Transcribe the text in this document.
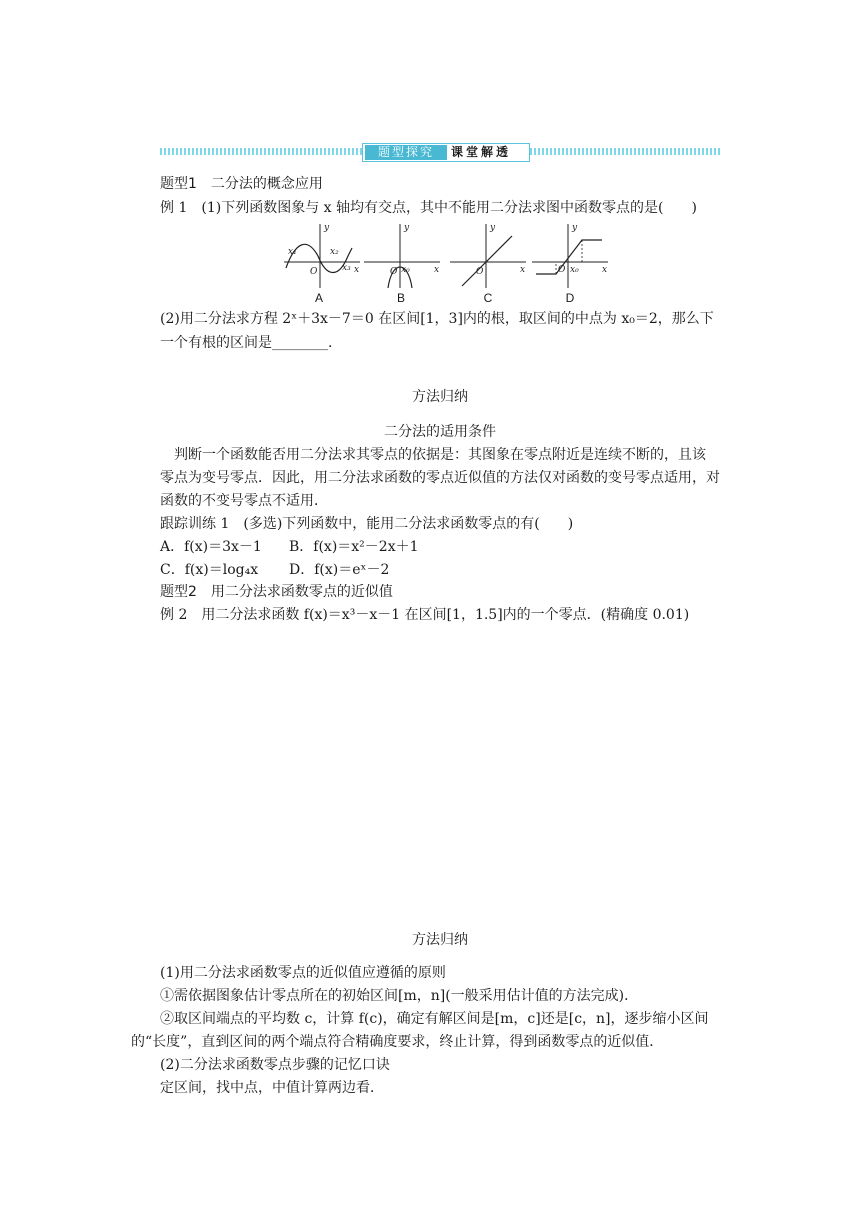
题型探究	课堂解透
题型1　二分法的概念应用
例 1　(1)下列函数图象与 x 轴均有交点，其中不能用二分法求图中函数零点的是(　　)
x₁	x₂
x₃
O
y
x	x₀
O
y
x	O
y
x	x₀
O
y
x
A	B	C	D
(2)用二分法求方程 2ˣ＋3x－7＝0 在区间[1，3]内的根，取区间的中点为 x₀＝2，那么下
一个有根的区间是________.
方法归纳
二分法的适用条件
判断一个函数能否用二分法求其零点的依据是：其图象在零点附近是连续不断的，且该
零点为变号零点．因此，用二分法求函数的零点近似值的方法仅对函数的变号零点适用，对
函数的不变号零点不适用．
跟踪训练 1　(多选)下列函数中，能用二分法求函数零点的有(　　)
A．f(x)＝3x－1 B．f(x)＝x²－2x＋1
C．f(x)＝log₄x D．f(x)＝eˣ－2
题型2　用二分法求函数零点的近似值
例 2　用二分法求函数 f(x)＝x³－x－1 在区间[1，1.5]内的一个零点．(精确度 0.01)
方法归纳
(1)用二分法求函数零点的近似值应遵循的原则
①需依据图象估计零点所在的初始区间[m，n](一般采用估计值的方法完成)．
②取区间端点的平均数 c，计算 f(c)，确定有解区间是[m，c]还是[c，n]，逐步缩小区间
的“长度”，直到区间的两个端点符合精确度要求，终止计算，得到函数零点的近似值．
(2)二分法求函数零点步骤的记忆口诀
定区间，找中点，中值计算两边看．
